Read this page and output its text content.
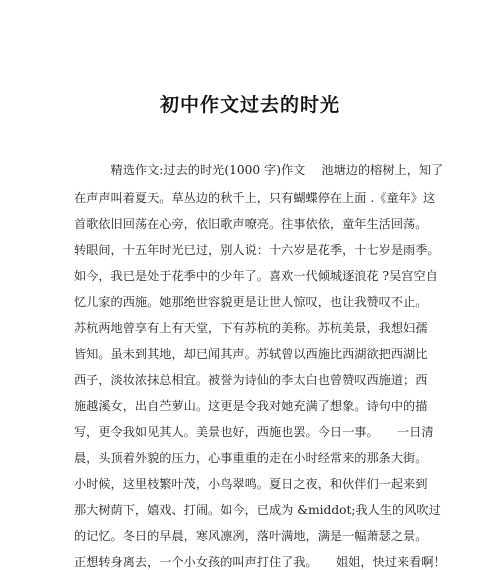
初中作文过去的时光
　　　精选作文:过去的时光(1000 字)作文　 池塘边的榕树上，知了
在声声叫着夏天。草丛边的秋千上，只有蝴蝶停在上面 .《童年》这
首歌依旧回荡在心旁，依旧歌声嘹亮。往事依依，童年生活回荡。
转眼间，十五年时光已过，别人说：十六岁是花季，十七岁是雨季。
如今，我已是处于花季中的少年了。喜欢一代倾城逐浪花 ?吴宫空自
忆儿家的西施。她那绝世容貌更是让世人惊叹，也让我赞叹不止。
苏杭两地曾享有上有天堂，下有苏杭的美称。苏杭美景，我想妇孺
皆知。虽未到其地，却已闻其声。苏轼曾以西施比西湖欲把西湖比
西子，淡妆浓抹总相宜。被誉为诗仙的李太白也曾赞叹西施道；西
施越溪女，出自苎萝山。这更是令我对她充满了想象。诗句中的描
写，更令我如见其人。美景也好，西施也罢。今日一事。　　一日清
晨，头顶着外貌的压力，心事重重的走在小时经常来的那条大街。
小时候，这里枝繁叶茂，小鸟翠鸣。夏日之夜，和伙伴们一起来到
那大树荫下，嬉戏、打闹。如今，已成为 &middot;我人生的风吹过
的记忆。冬日的早晨，寒风凛冽，落叶满地，满是一幅萧瑟之景。
正想转身离去，一个小女孩的叫声打住了我。　　姐姐，快过来看啊！
